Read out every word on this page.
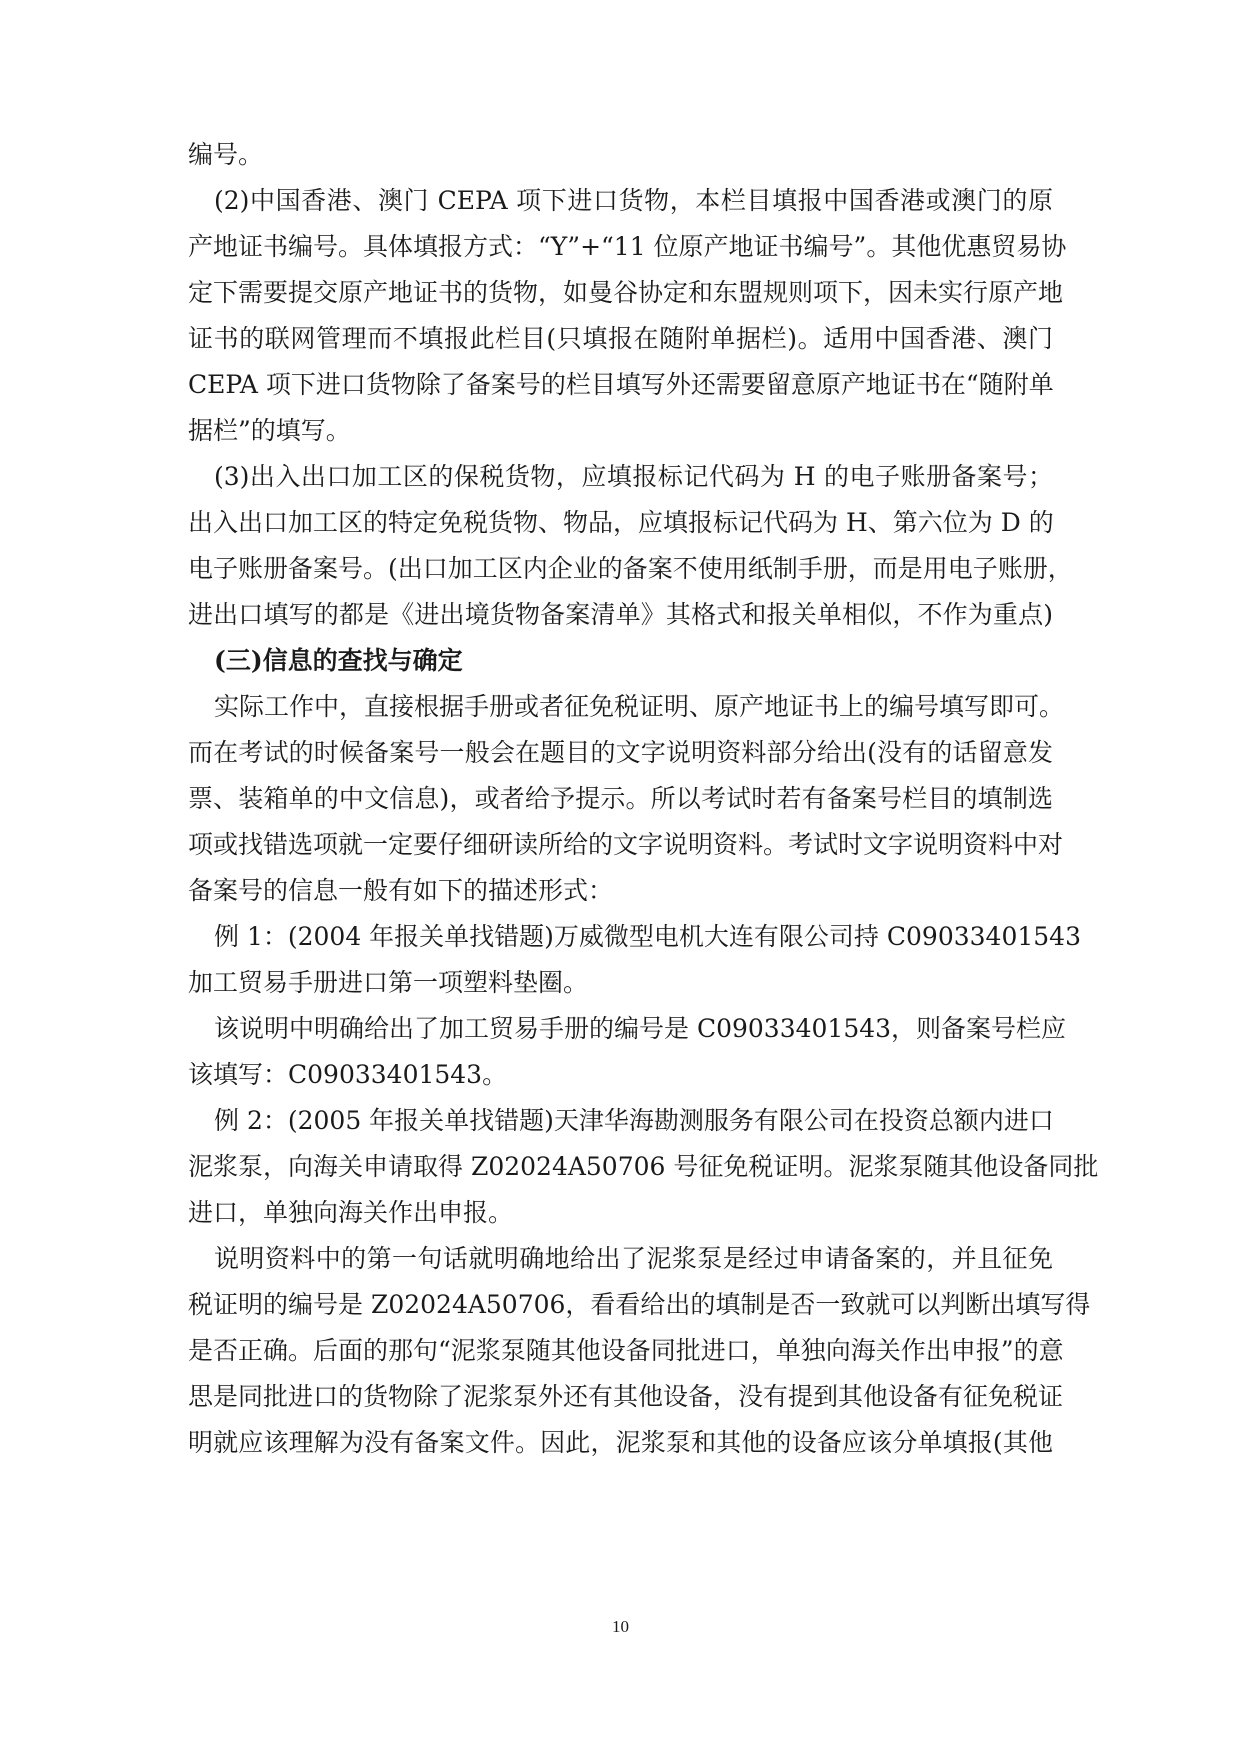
编号。
(2)中国香港、澳门 CEPA 项下进口货物，本栏目填报中国香港或澳门的原
产地证书编号。具体填报方式：“Y”+“11 位原产地证书编号”。其他优惠贸易协
定下需要提交原产地证书的货物，如曼谷协定和东盟规则项下，因未实行原产地
证书的联网管理而不填报此栏目(只填报在随附单据栏)。适用中国香港、澳门
CEPA 项下进口货物除了备案号的栏目填写外还需要留意原产地证书在“随附单
据栏”的填写。
(3)出入出口加工区的保税货物，应填报标记代码为 H 的电子账册备案号；
出入出口加工区的特定免税货物、物品，应填报标记代码为 H、第六位为 D 的
电子账册备案号。(出口加工区内企业的备案不使用纸制手册，而是用电子账册，
进出口填写的都是《进出境货物备案清单》其格式和报关单相似，不作为重点)
(三)信息的查找与确定
实际工作中，直接根据手册或者征免税证明、原产地证书上的编号填写即可。
而在考试的时候备案号一般会在题目的文字说明资料部分给出(没有的话留意发
票、装箱单的中文信息)，或者给予提示。所以考试时若有备案号栏目的填制选
项或找错选项就一定要仔细研读所给的文字说明资料。考试时文字说明资料中对
备案号的信息一般有如下的描述形式：
例 1：(2004 年报关单找错题)万威微型电机大连有限公司持 C09033401543
加工贸易手册进口第一项塑料垫圈。
该说明中明确给出了加工贸易手册的编号是 C09033401543，则备案号栏应
该填写：C09033401543。
例 2：(2005 年报关单找错题)天津华海勘测服务有限公司在投资总额内进口
泥浆泵，向海关申请取得 Z02024A50706 号征免税证明。泥浆泵随其他设备同批
进口，单独向海关作出申报。
说明资料中的第一句话就明确地给出了泥浆泵是经过申请备案的，并且征免
税证明的编号是 Z02024A50706，看看给出的填制是否一致就可以判断出填写得
是否正确。后面的那句“泥浆泵随其他设备同批进口，单独向海关作出申报”的意
思是同批进口的货物除了泥浆泵外还有其他设备，没有提到其他设备有征免税证
明就应该理解为没有备案文件。因此，泥浆泵和其他的设备应该分单填报(其他
10
